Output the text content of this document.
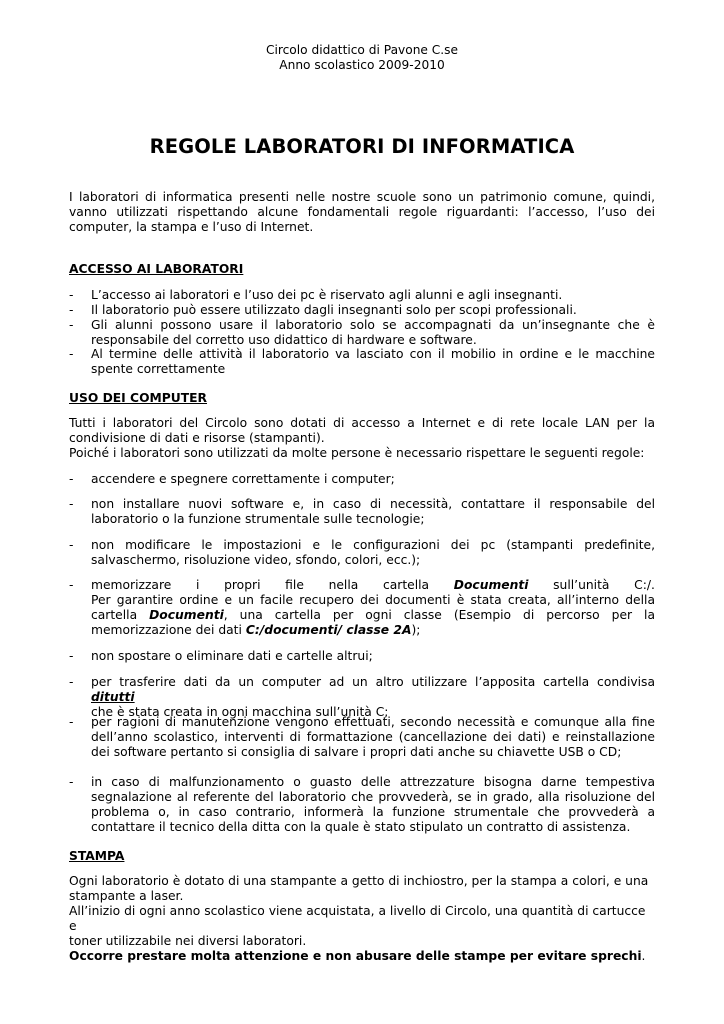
Circolo didattico di Pavone C.se
Anno scolastico 2009-2010
REGOLE LABORATORI DI INFORMATICA
I laboratori di informatica presenti nelle nostre scuole sono un patrimonio comune, quindi, vanno utilizzati rispettando alcune fondamentali regole riguardanti: l’accesso, l’uso dei computer, la stampa e l’uso di Internet.
ACCESSO AI LABORATORI
- L’accesso ai laboratori e l’uso dei pc è riservato agli alunni e agli insegnanti.
- Il laboratorio può essere utilizzato dagli insegnanti solo per scopi professionali.
- Gli alunni possono usare il laboratorio solo se accompagnati da un’insegnante che è responsabile del corretto uso didattico di hardware e software.
- Al termine delle attività il laboratorio va lasciato con il mobilio in ordine e le macchine spente correttamente
USO DEI COMPUTER
Tutti i laboratori del Circolo sono dotati di accesso a Internet e di rete locale LAN per la condivisione di dati e risorse (stampanti).
Poiché i laboratori sono utilizzati da molte persone è necessario rispettare le seguenti regole:
- accendere e spegnere correttamente i computer;
- non installare nuovi software e, in caso di necessità, contattare il responsabile del laboratorio o la funzione strumentale sulle tecnologie;
- non modificare le impostazioni e le configurazioni dei pc (stampanti predefinite, salvaschermo, risoluzione video, sfondo, colori, ecc.);
- memorizzare i propri file nella cartella Documenti sull’unità C:/.
Per garantire ordine e un facile recupero dei documenti è stata creata, all’interno della
cartella Documenti, una cartella per ogni classe (Esempio di percorso per la
memorizzazione dei dati C:/documenti/ classe 2A);
- non spostare o eliminare dati e cartelle altrui;
- per trasferire dati da un computer ad un altro utilizzare l’apposita cartella condivisa ditutti
che è stata creata in ogni macchina sull’unità C;
- per ragioni di manutenzione vengono effettuati, secondo necessità e comunque alla fine dell’anno scolastico, interventi di formattazione (cancellazione dei dati) e reinstallazione dei software pertanto si consiglia di salvare i propri dati anche su chiavette USB o CD;
- in caso di malfunzionamento o guasto delle attrezzature bisogna darne tempestiva segnalazione al referente del laboratorio che provvederà, se in grado, alla risoluzione del problema o, in caso contrario, informerà la funzione strumentale che provvederà a contattare il tecnico della ditta con la quale è stato stipulato un contratto di assistenza.
STAMPA
Ogni laboratorio è dotato di una stampante a getto di inchiostro, per la stampa a colori, e una
stampante a laser.
All’inizio di ogni anno scolastico viene acquistata, a livello di Circolo, una quantità di cartucce e
toner utilizzabile nei diversi laboratori.
Occorre prestare molta attenzione e non abusare delle stampe per evitare sprechi.
